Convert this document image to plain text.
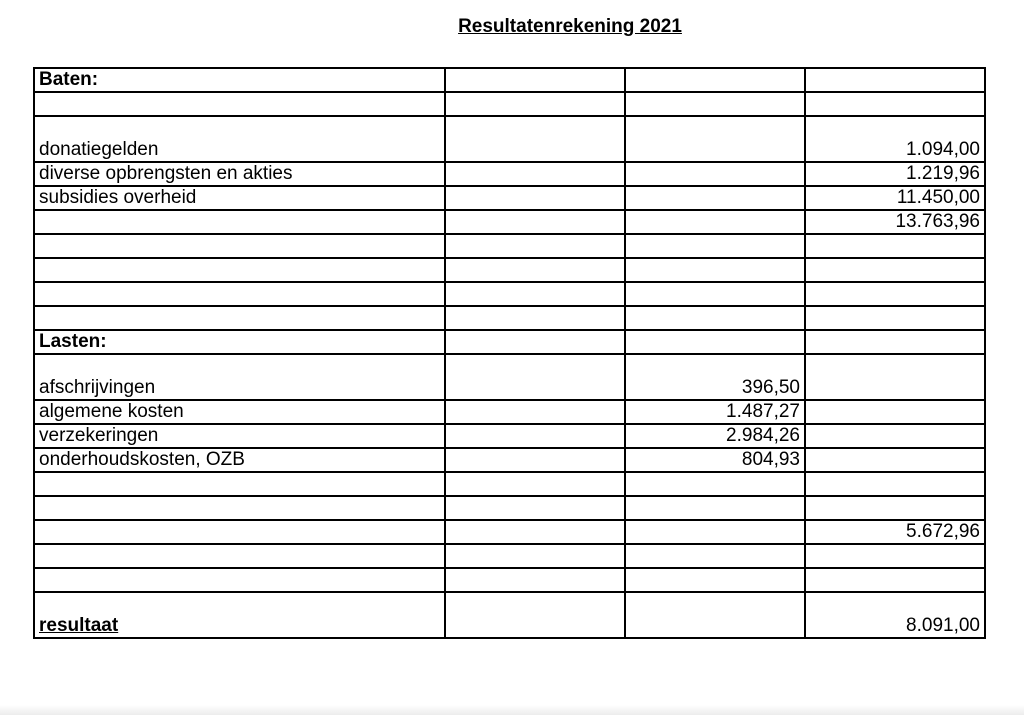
Resultatenrekening 2021
Baten:			

donatiegelden			1.094,00
diverse opbrengsten en akties			1.219,96
subsidies overheid			11.450,00
			13.763,96

Lasten:			

afschrijvingen		396,50	
algemene kosten		1.487,27	
verzekeringen		2.984,26	
onderhoudskosten, OZB		804,93	

			5.672,96

resultaat			8.091,00
